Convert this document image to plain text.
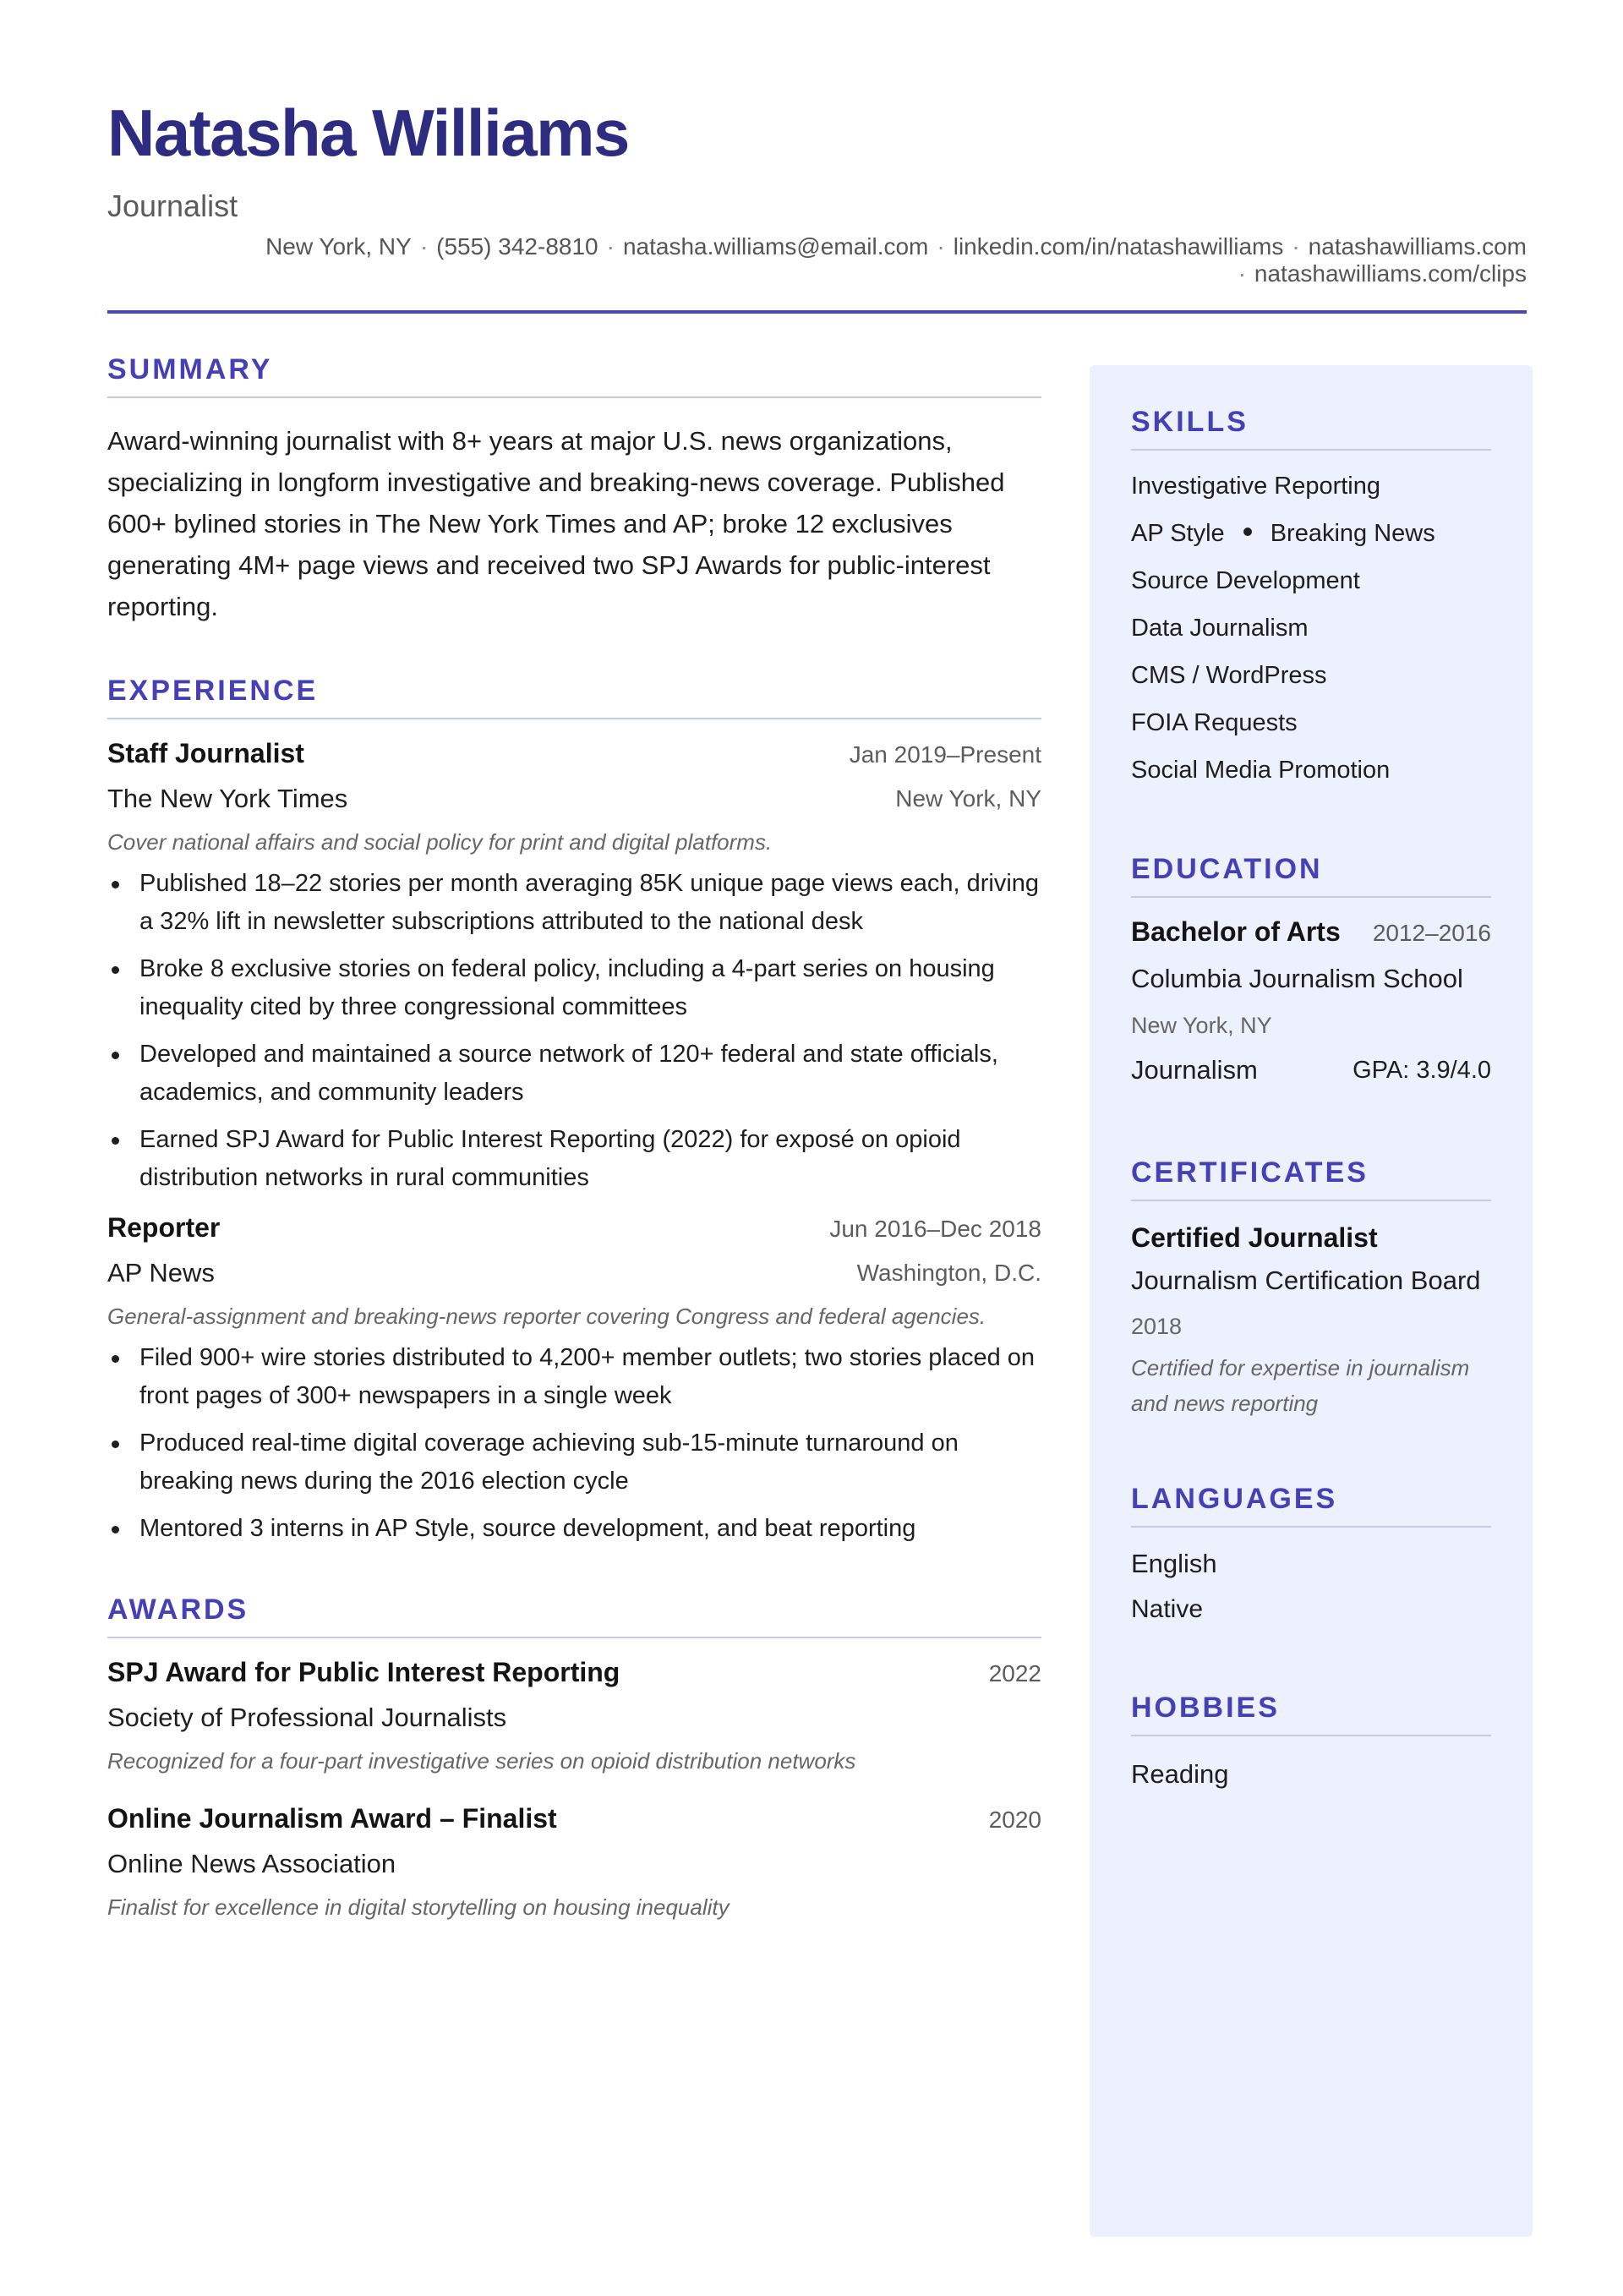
Natasha Williams
Journalist
New York, NY · (555) 342-8810 · natasha.williams@email.com · linkedin.com/in/natashawilliams · natashawilliams.com
· natashawilliams.com/clips
SUMMARY

Award-winning journalist with 8+ years at major U.S. news organizations, specializing in longform investigative and breaking-news coverage. Published 600+ bylined stories in The New York Times and AP; broke 12 exclusives generating 4M+ page views and received two SPJ Awards for public-interest reporting.

EXPERIENCE
Staff Journalist	Jan 2019–Present
The New York Times	New York, NY
Cover national affairs and social policy for print and digital platforms.
Published 18–22 stories per month averaging 85K unique page views each, driving a 32% lift in newsletter subscriptions attributed to the national desk
Broke 8 exclusive stories on federal policy, including a 4-part series on housing inequality cited by three congressional committees
Developed and maintained a source network of 120+ federal and state officials, academics, and community leaders
Earned SPJ Award for Public Interest Reporting (2022) for exposé on opioid distribution networks in rural communities
Reporter	Jun 2016–Dec 2018
AP News	Washington, D.C.
General-assignment and breaking-news reporter covering Congress and federal agencies.
Filed 900+ wire stories distributed to 4,200+ member outlets; two stories placed on front pages of 300+ newspapers in a single week
Produced real-time digital coverage achieving sub-15-minute turnaround on breaking news during the 2016 election cycle
Mentored 3 interns in AP Style, source development, and beat reporting
AWARDS
SPJ Award for Public Interest Reporting	2022
Society of Professional Journalists
Recognized for a four-part investigative series on opioid distribution networks
Online Journalism Award – Finalist	2020
Online News Association
Finalist for excellence in digital storytelling on housing inequality
SKILLS
Investigative Reporting
AP Style Breaking News
Source Development
Data Journalism
CMS / WordPress
FOIA Requests
Social Media Promotion
EDUCATION
Bachelor of Arts 2012–2016
Columbia Journalism School
New York, NY
Journalism	GPA: 3.9/4.0
CERTIFICATES
Certified Journalist
Journalism Certification Board
2018
Certified for expertise in journalism and news reporting
LANGUAGES
English
Native
HOBBIES
Reading
